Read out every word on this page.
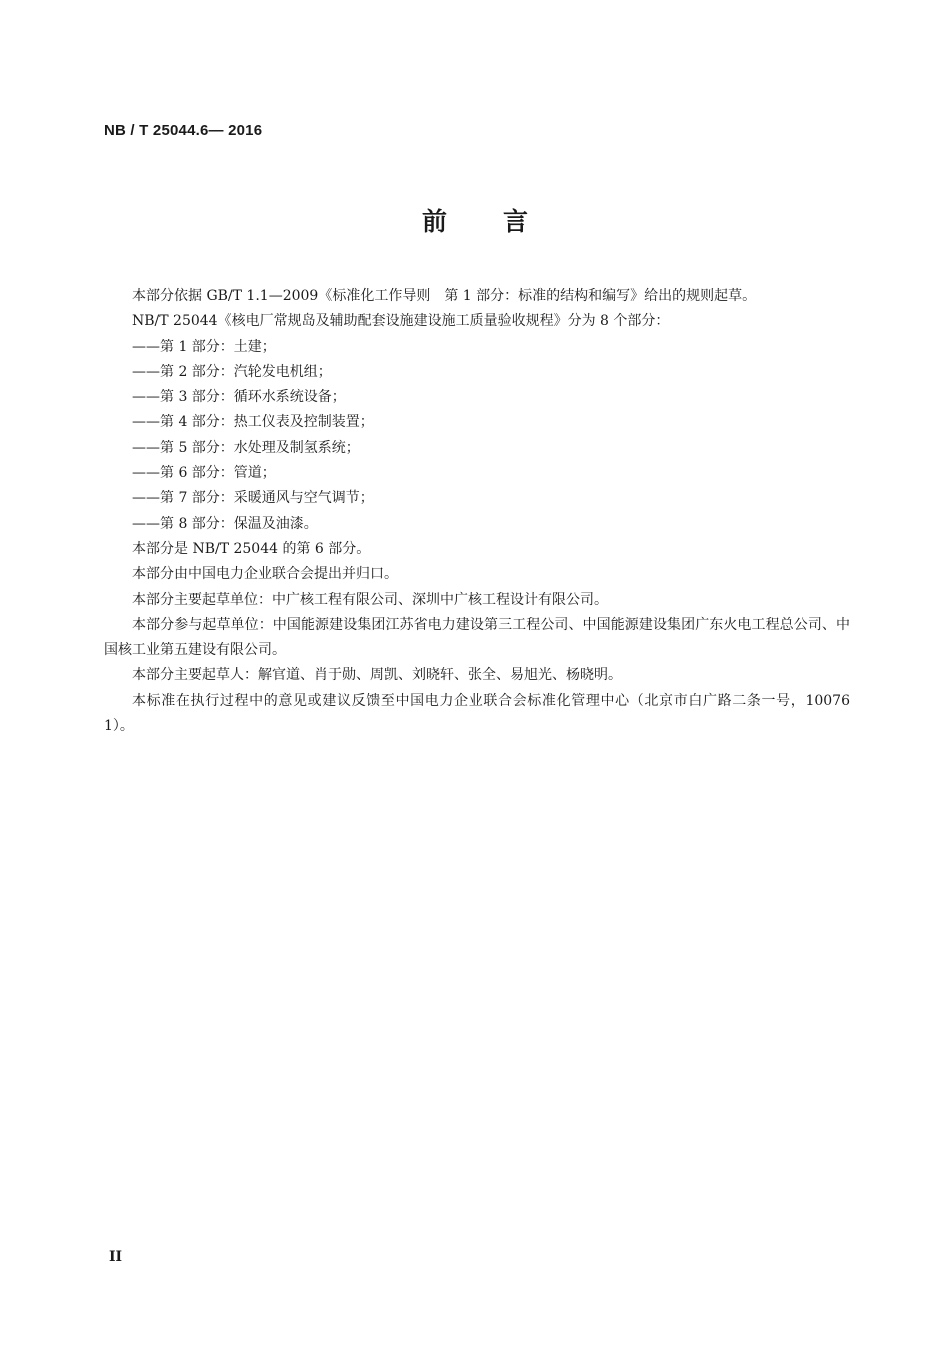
NB / T 25044.6— 2016
前言

本部分依据 GB/T 1.1—2009《标准化工作导则　第 1 部分：标准的结构和编写》给出的规则起草。

NB/T 25044《核电厂常规岛及辅助配套设施建设施工质量验收规程》分为 8 个部分：

——第 1 部分：土建；

——第 2 部分：汽轮发电机组；

——第 3 部分：循环水系统设备；

——第 4 部分：热工仪表及控制装置；

——第 5 部分：水处理及制氢系统；

——第 6 部分：管道；

——第 7 部分：采暖通风与空气调节；

——第 8 部分：保温及油漆。

本部分是 NB/T 25044 的第 6 部分。

本部分由中国电力企业联合会提出并归口。

本部分主要起草单位：中广核工程有限公司、深圳中广核工程设计有限公司。

本部分参与起草单位：中国能源建设集团江苏省电力建设第三工程公司、中国能源建设集团广东火电工程总公司、中国核工业第五建设有限公司。

本部分主要起草人：解官道、肖于勋、周凯、刘晓轩、张全、易旭光、杨晓明。

本标准在执行过程中的意见或建议反馈至中国电力企业联合会标准化管理中心（北京市白广路二条一号，100761）。

II
